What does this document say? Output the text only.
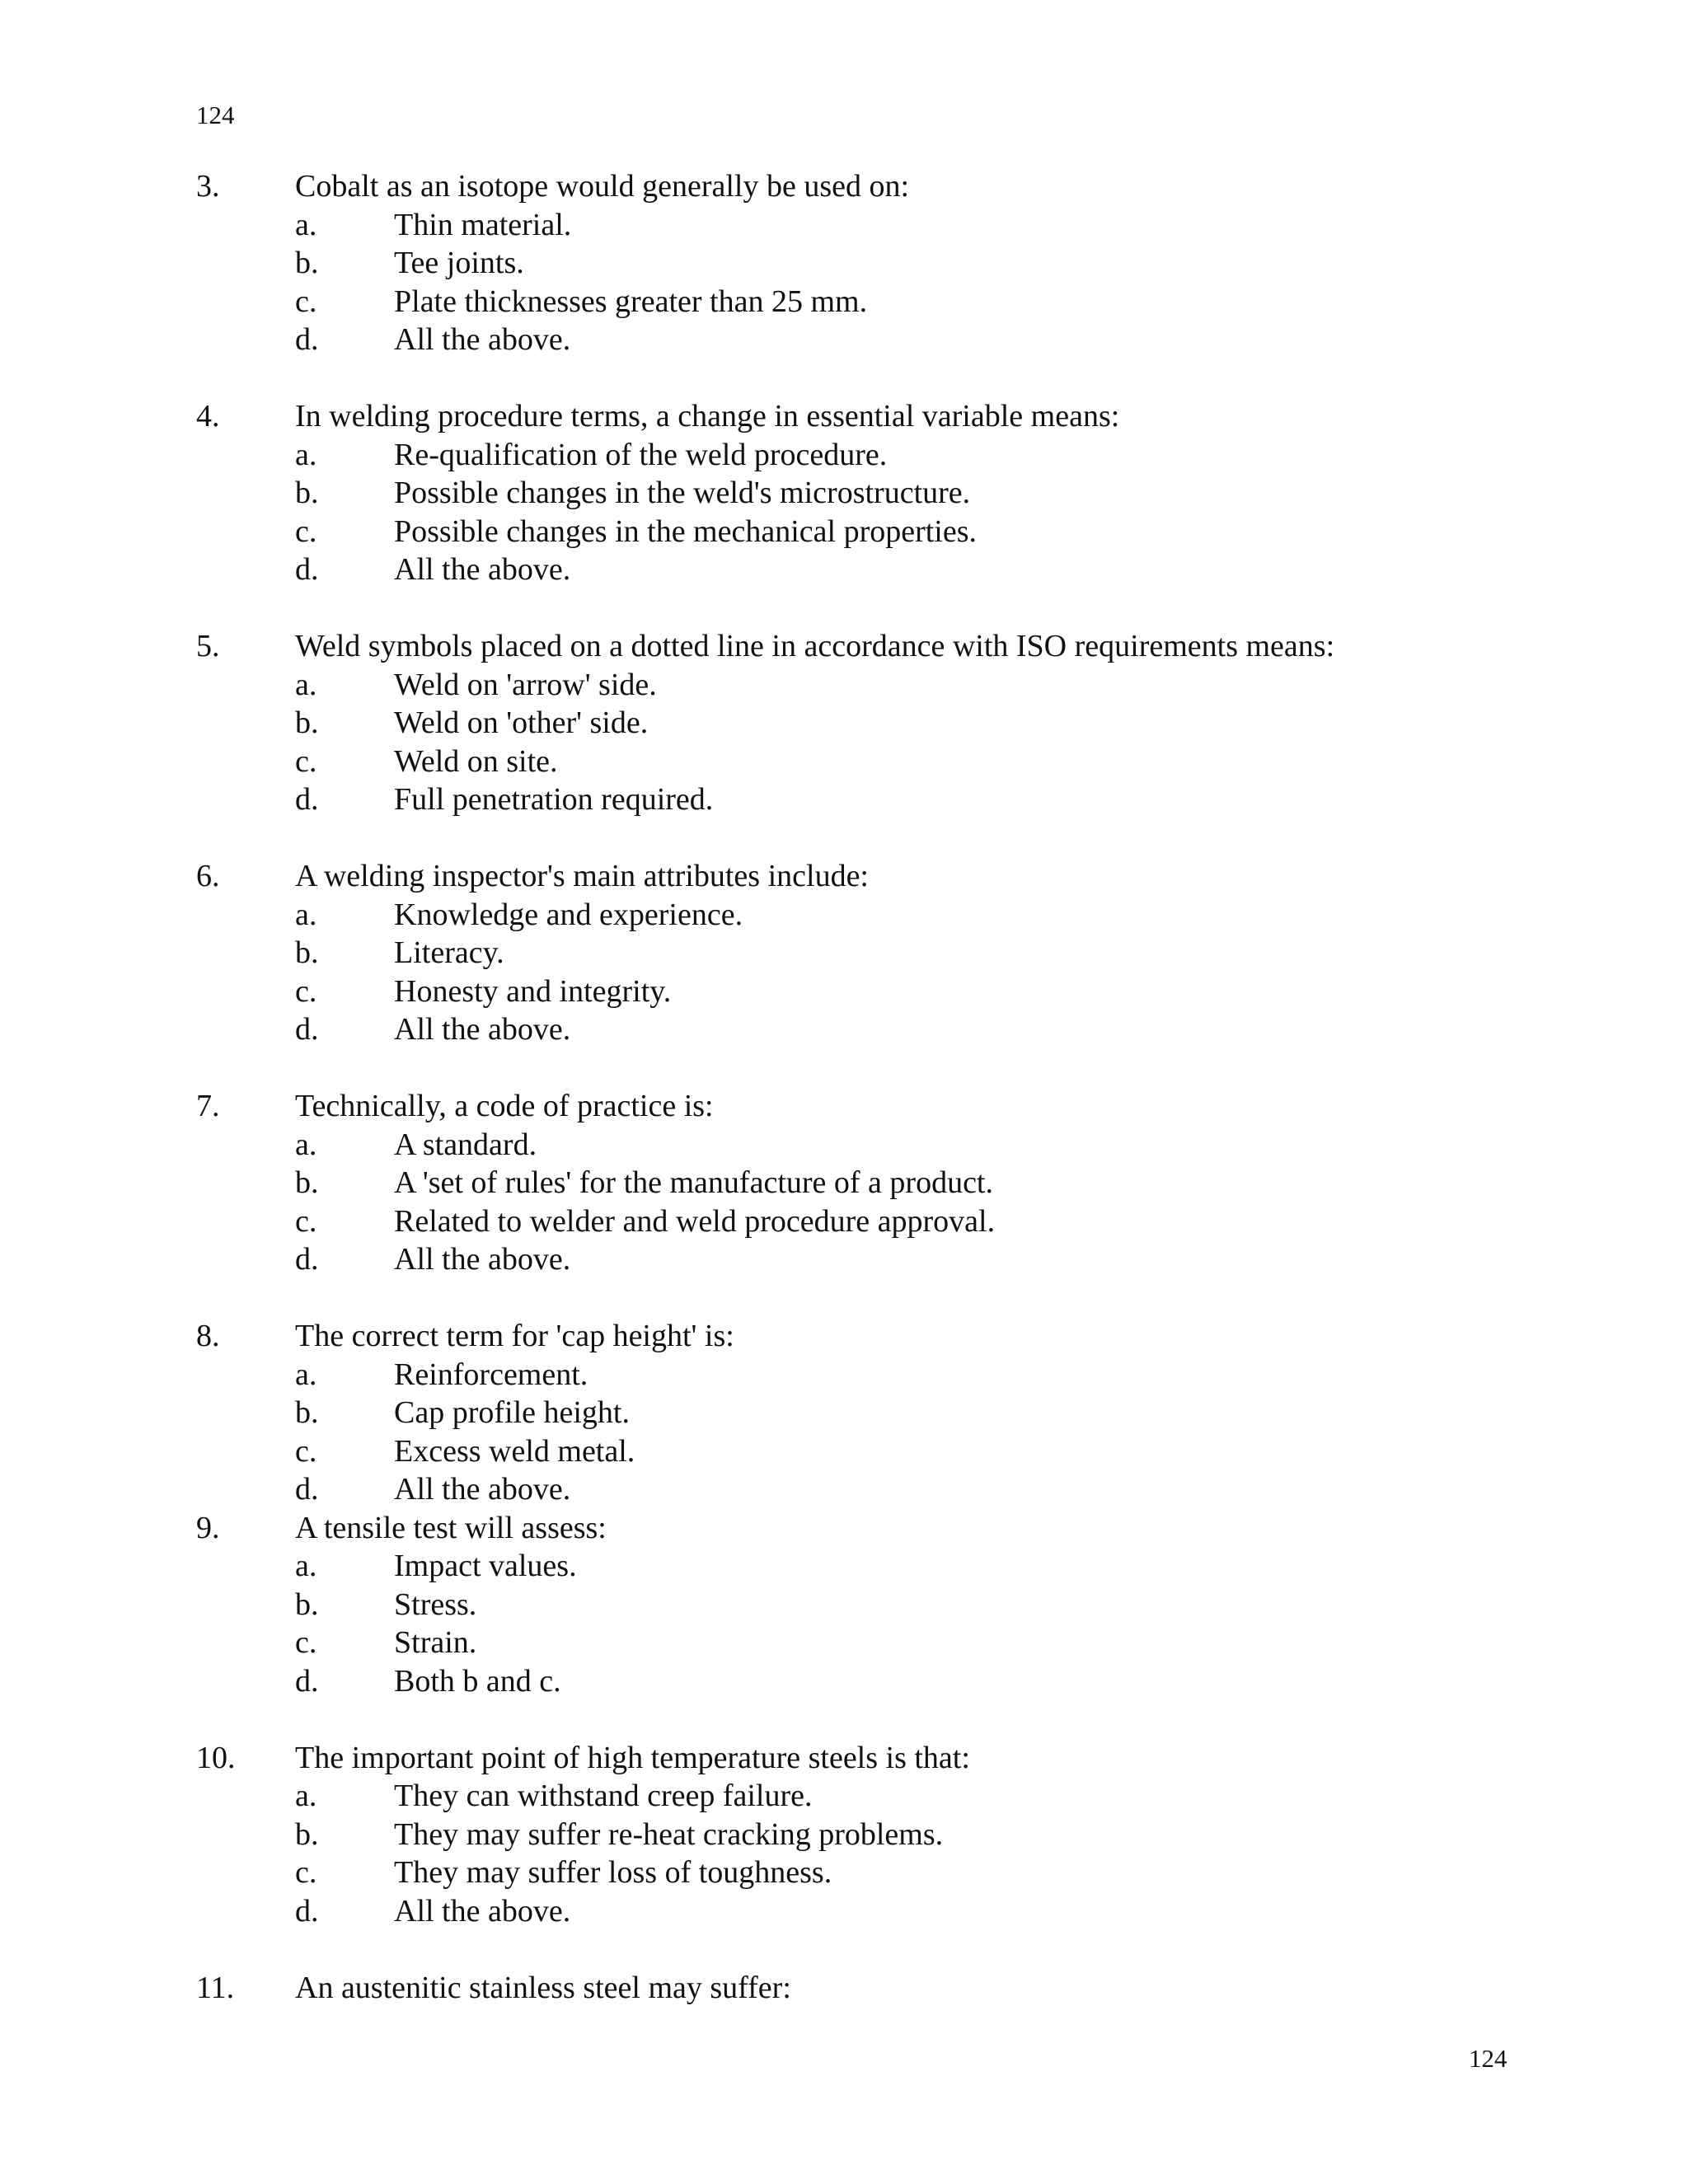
124
3. Cobalt as an isotope would generally be used on:
a. Thin material.
b. Tee joints.
c. Plate thicknesses greater than 25 mm.
d. All the above.
4. In welding procedure terms, a change in essential variable means:
a. Re-qualification of the weld procedure.
b. Possible changes in the weld's microstructure.
c. Possible changes in the mechanical properties.
d. All the above.
5. Weld symbols placed on a dotted line in accordance with ISO requirements means:
a. Weld on 'arrow' side.
b. Weld on 'other' side.
c. Weld on site.
d. Full penetration required.
6. A welding inspector's main attributes include:
a. Knowledge and experience.
b. Literacy.
c. Honesty and integrity.
d. All the above.
7. Technically, a code of practice is:
a. A standard.
b. A 'set of rules' for the manufacture of a product.
c. Related to welder and weld procedure approval.
d. All the above.
8. The correct term for 'cap height' is:
a. Reinforcement.
b. Cap profile height.
c. Excess weld metal.
d. All the above.
9. A tensile test will assess:
a. Impact values.
b. Stress.
c. Strain.
d. Both b and c.
10. The important point of high temperature steels is that:
a. They can withstand creep failure.
b. They may suffer re-heat cracking problems.
c. They may suffer loss of toughness.
d. All the above.
11. An austenitic stainless steel may suffer:
124
